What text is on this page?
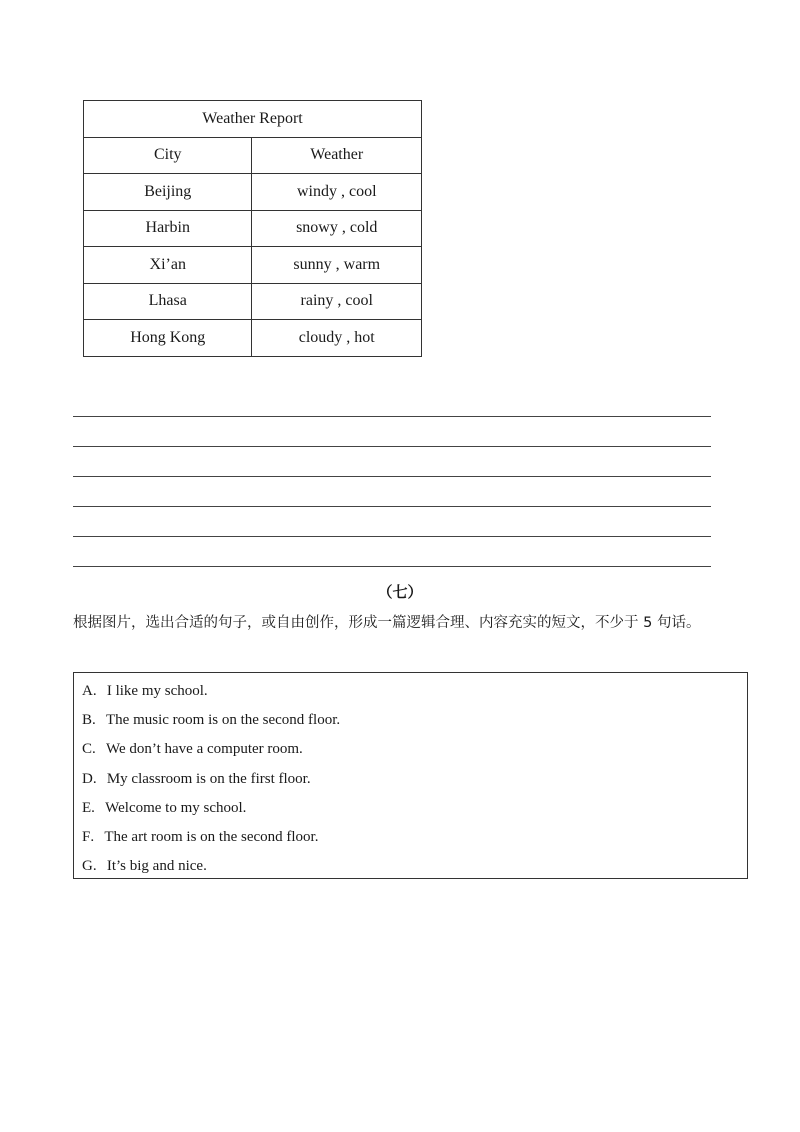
Weather Report	
City	Weather
Beijing	windy , cool
Harbin	snowy , cold
Xi’an	sunny , warm
Lhasa	rainy , cool
Hong Kong	cloudy , hot
（七）
根据图片，选出合适的句子，或自由创作，形成一篇逻辑合理、内容充实的短文，不少于 5 句话。
A. I like my school.
B. The music room is on the second floor.
C. We don’t have a computer room.
D. My classroom is on the first floor.
E. Welcome to my school.
F. The art room is on the second floor.
G. It’s big and nice.
